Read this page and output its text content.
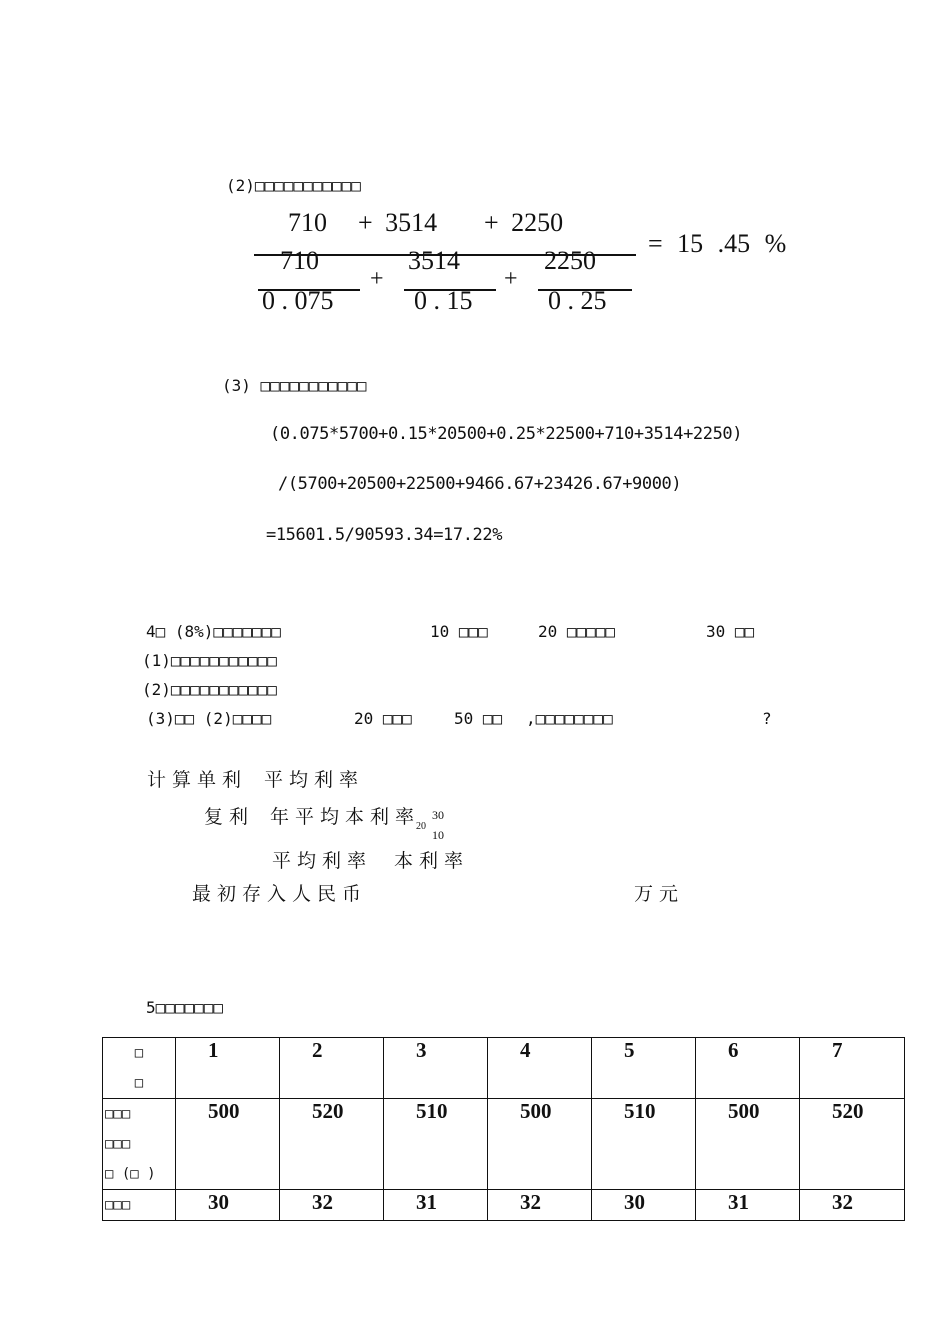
(2)□□□□□□□□□□□
710 + 3514 + 2250
= 15 .45 %
710
0 . 075
+
3514
0 . 15
+
2250
0 . 25
(3) □□□□□□□□□□□
(0.075*5700+0.15*20500+0.25*22500+710+3514+2250)
/(5700+20500+22500+9466.67+23426.67+9000)
=15601.5/90593.34=17.22%
4□ (8%)□□□□□□□	10 □□□	20 □□□□□	30 □□
(1)□□□□□□□□□□□
(2)□□□□□□□□□□□
(3)□□ (2)□□□□	20 □□□	50 □□ ,□□□□□□□□	?
计算单利 平均利率
复利 年平均本利率
20
30
10
平均利率 本利率
最初存入人民币	万元
5□□□□□□□
□
□	1	2	3	4	5	6	7

□□□
□□□
□ (□ )	500	520	510	500	510	500	520

□□□	30	32	31	32	30	31	32
